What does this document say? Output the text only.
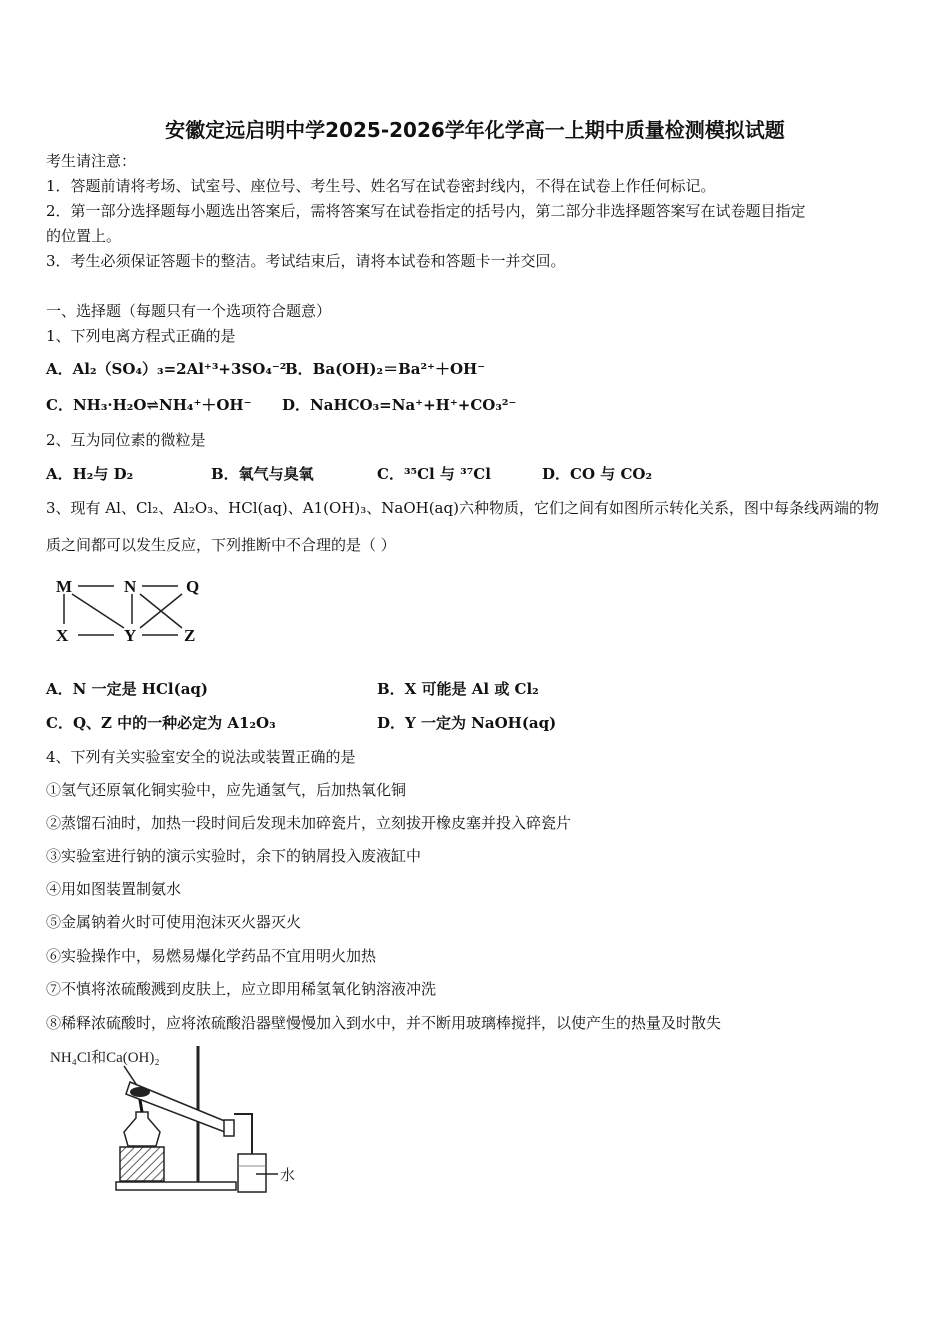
安徽定远启明中学2025-2026学年化学高一上期中质量检测模拟试题
考生请注意：
1．答题前请将考场、试室号、座位号、考生号、姓名写在试卷密封线内，不得在试卷上作任何标记。
2．第一部分选择题每小题选出答案后，需将答案写在试卷指定的括号内，第二部分非选择题答案写在试卷题目指定
的位置上。
3．考生必须保证答题卡的整洁。考试结束后，请将本试卷和答题卡一并交回。
一、选择题（每题只有一个选项符合题意）
1、下列电离方程式正确的是
A．Al₂（SO₄）₃=2Al⁺³+3SO₄⁻²
B．Ba(OH)₂＝Ba²⁺＋OH⁻
C．NH₃·H₂O⇌NH₄⁺＋OH⁻ D．NaHCO₃=Na⁺+H⁺+CO₃²⁻
2、互为同位素的微粒是
A．H₂与 D₂	B．氧气与臭氧	C．³⁵Cl 与 ³⁷Cl	D．CO 与 CO₂
3、现有 Al、Cl₂、Al₂O₃、HCl(aq)、A1(OH)₃、NaOH(aq)六种物质，它们之间有如图所示转化关系，图中每条线两端的物
质之间都可以发生反应，下列推断中不合理的是（ ）
M	N	Q
X	Y	Z
A．N 一定是 HCl(aq)	B．X 可能是 Al 或 Cl₂
C．Q、Z 中的一种必定为 A1₂O₃	D．Y 一定为 NaOH(aq)
4、下列有关实验室安全的说法或装置正确的是
①氢气还原氧化铜实验中，应先通氢气，后加热氧化铜
②蒸馏石油时，加热一段时间后发现未加碎瓷片，立刻拔开橡皮塞并投入碎瓷片
③实验室进行钠的演示实验时，余下的钠屑投入废液缸中
④用如图装置制氨水
⑤金属钠着火时可使用泡沫灭火器灭火
⑥实验操作中，易燃易爆化学药品不宜用明火加热
⑦不慎将浓硫酸溅到皮肤上，应立即用稀氢氧化钠溶液冲洗
⑧稀释浓硫酸时，应将浓硫酸沿器壁慢慢加入到水中，并不断用玻璃棒搅拌，以使产生的热量及时散失
NH₄Cl和Ca(OH)₂
水
